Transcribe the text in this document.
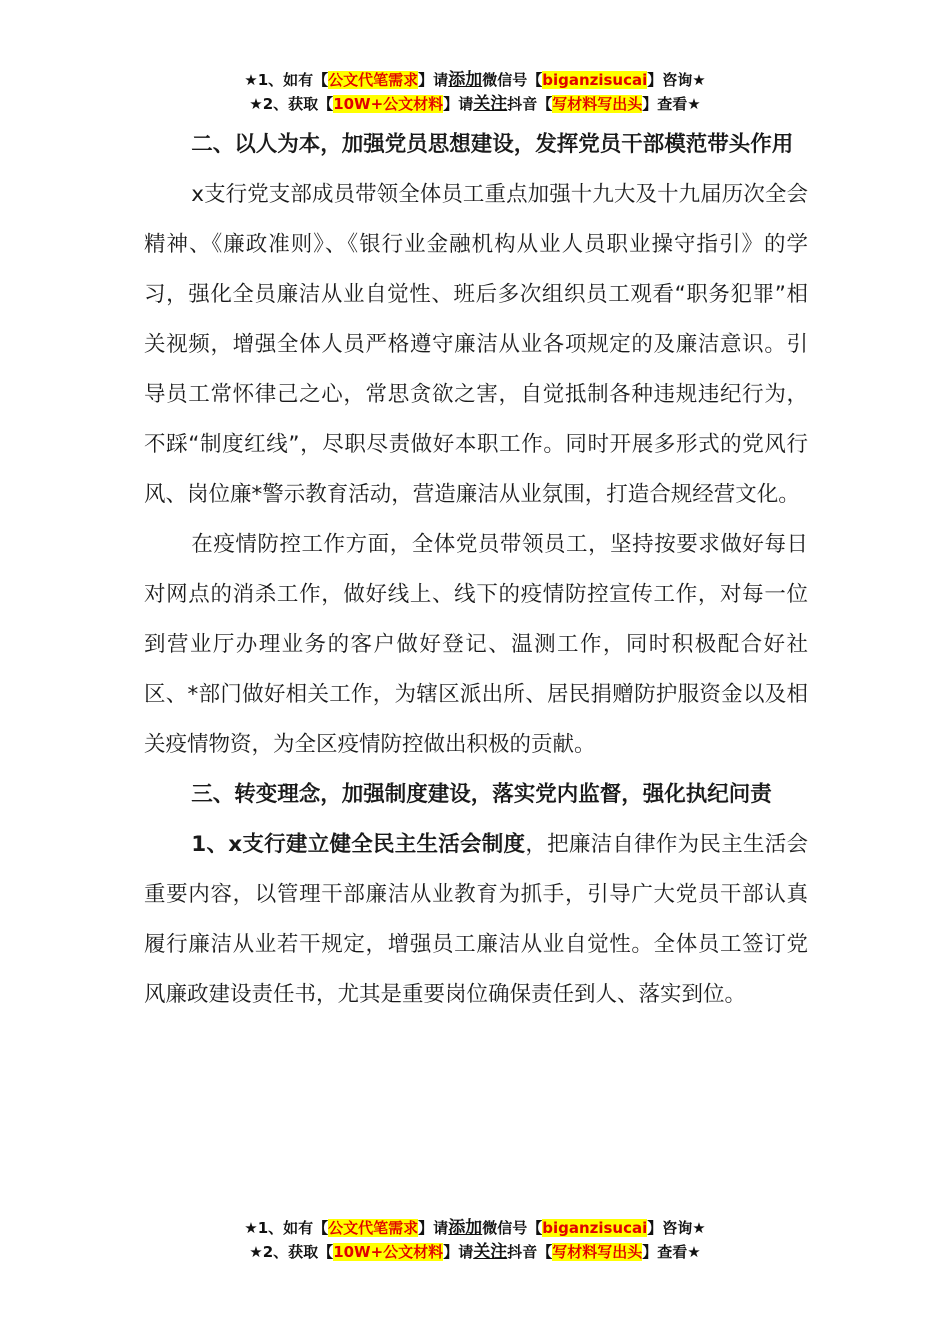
★1、如有【公文代笔需求】请添加微信号【biganzisucai】咨询★
★2、获取【10W+公文材料】请关注抖音【写材料写出头】查看★

二、以人为本，加强党员思想建设，发挥党员干部模范带头作用

x支行党支部成员带领全体员工重点加强十九大及十九届历次全会精神、《廉政准则》、《银行业金融机构从业人员职业操守指引》的学习，强化全员廉洁从业自觉性、班后多次组织员工观看“职务犯罪”相关视频，增强全体人员严格遵守廉洁从业各项规定的及廉洁意识。引导员工常怀律己之心，常思贪欲之害，自觉抵制各种违规违纪行为，不踩“制度红线”，尽职尽责做好本职工作。同时开展多形式的党风行风、岗位廉*警示教育活动，营造廉洁从业氛围，打造合规经营文化。

在疫情防控工作方面，全体党员带领员工，坚持按要求做好每日对网点的消杀工作，做好线上、线下的疫情防控宣传工作，对每一位到营业厅办理业务的客户做好登记、温测工作，同时积极配合好社区、*部门做好相关工作，为辖区派出所、居民捐赠防护服资金以及相关疫情物资，为全区疫情防控做出积极的贡献。

三、转变理念，加强制度建设，落实党内监督，强化执纪问责

1、x支行建立健全民主生活会制度，把廉洁自律作为民主生活会重要内容，以管理干部廉洁从业教育为抓手，引导广大党员干部认真履行廉洁从业若干规定，增强员工廉洁从业自觉性。全体员工签订党风廉政建设责任书，尤其是重要岗位确保责任到人、落实到位。

★1、如有【公文代笔需求】请添加微信号【biganzisucai】咨询★
★2、获取【10W+公文材料】请关注抖音【写材料写出头】查看★
